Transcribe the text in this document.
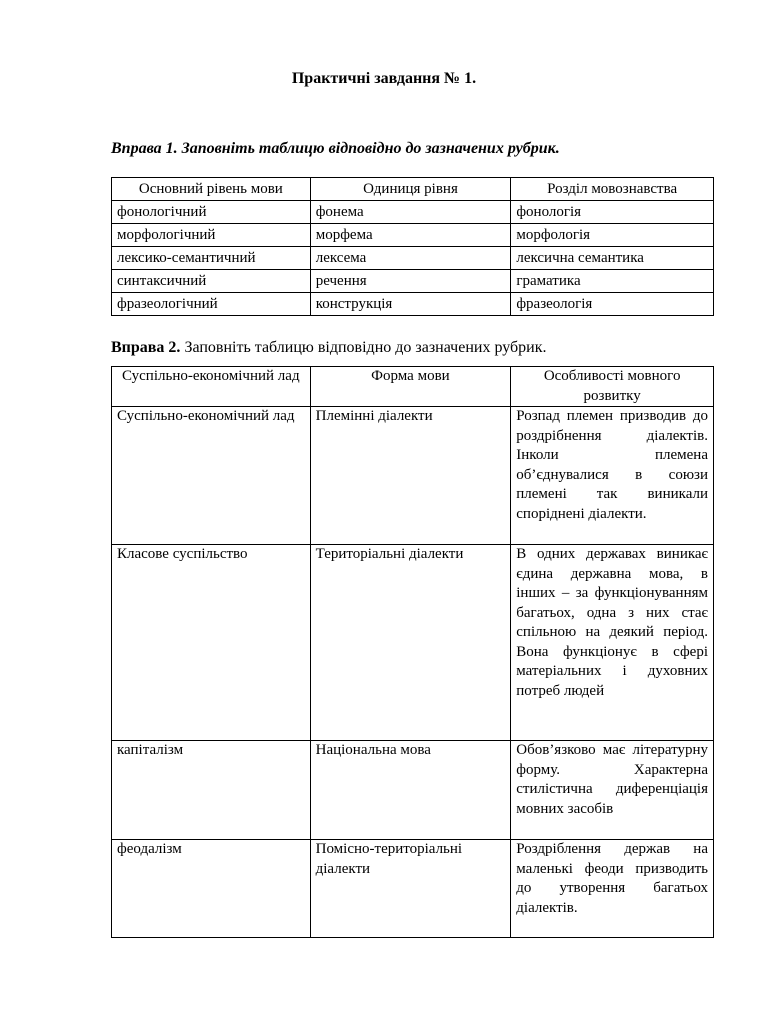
Практичні завдання № 1.
Вправа 1. Заповніть таблицю відповідно до зазначених рубрик.
Основний рівень мови	Одиниця рівня	Розділ мовознавства
фонологічний	фонема	фонологія
морфологічний	морфема	морфологія
лексико-семантичний	лексема	лексична семантика
синтаксичний	речення	граматика
фразеологічний	конструкція	фразеологія
Вправа 2. Заповніть таблицю відповідно до зазначених рубрик.
Суспільно-економічний лад	Форма мови	Особливості мовного розвитку
Суспільно-економічний лад	Племінні діалекти	Розпад племен призводив до роздрібнення діалектів. Інколи племена об’єднувалися в союзи племені так виникали споріднені діалекти.
Класове суспільство	Територіальні діалекти	В одних державах виникає єдина державна мова, в інших – за функціонуванням багатьох, одна з них стає спільною на деякий період. Вона функціонує в сфері матеріальних і духовних потреб людей
капіталізм	Національна мова	Обов’язково має літературну форму. Характерна стилістична диференціація мовних засобів
феодалізм	Помісно-територіальні діалекти	Роздріблення держав на маленькі феоди призводить до утворення багатьох діалектів.
